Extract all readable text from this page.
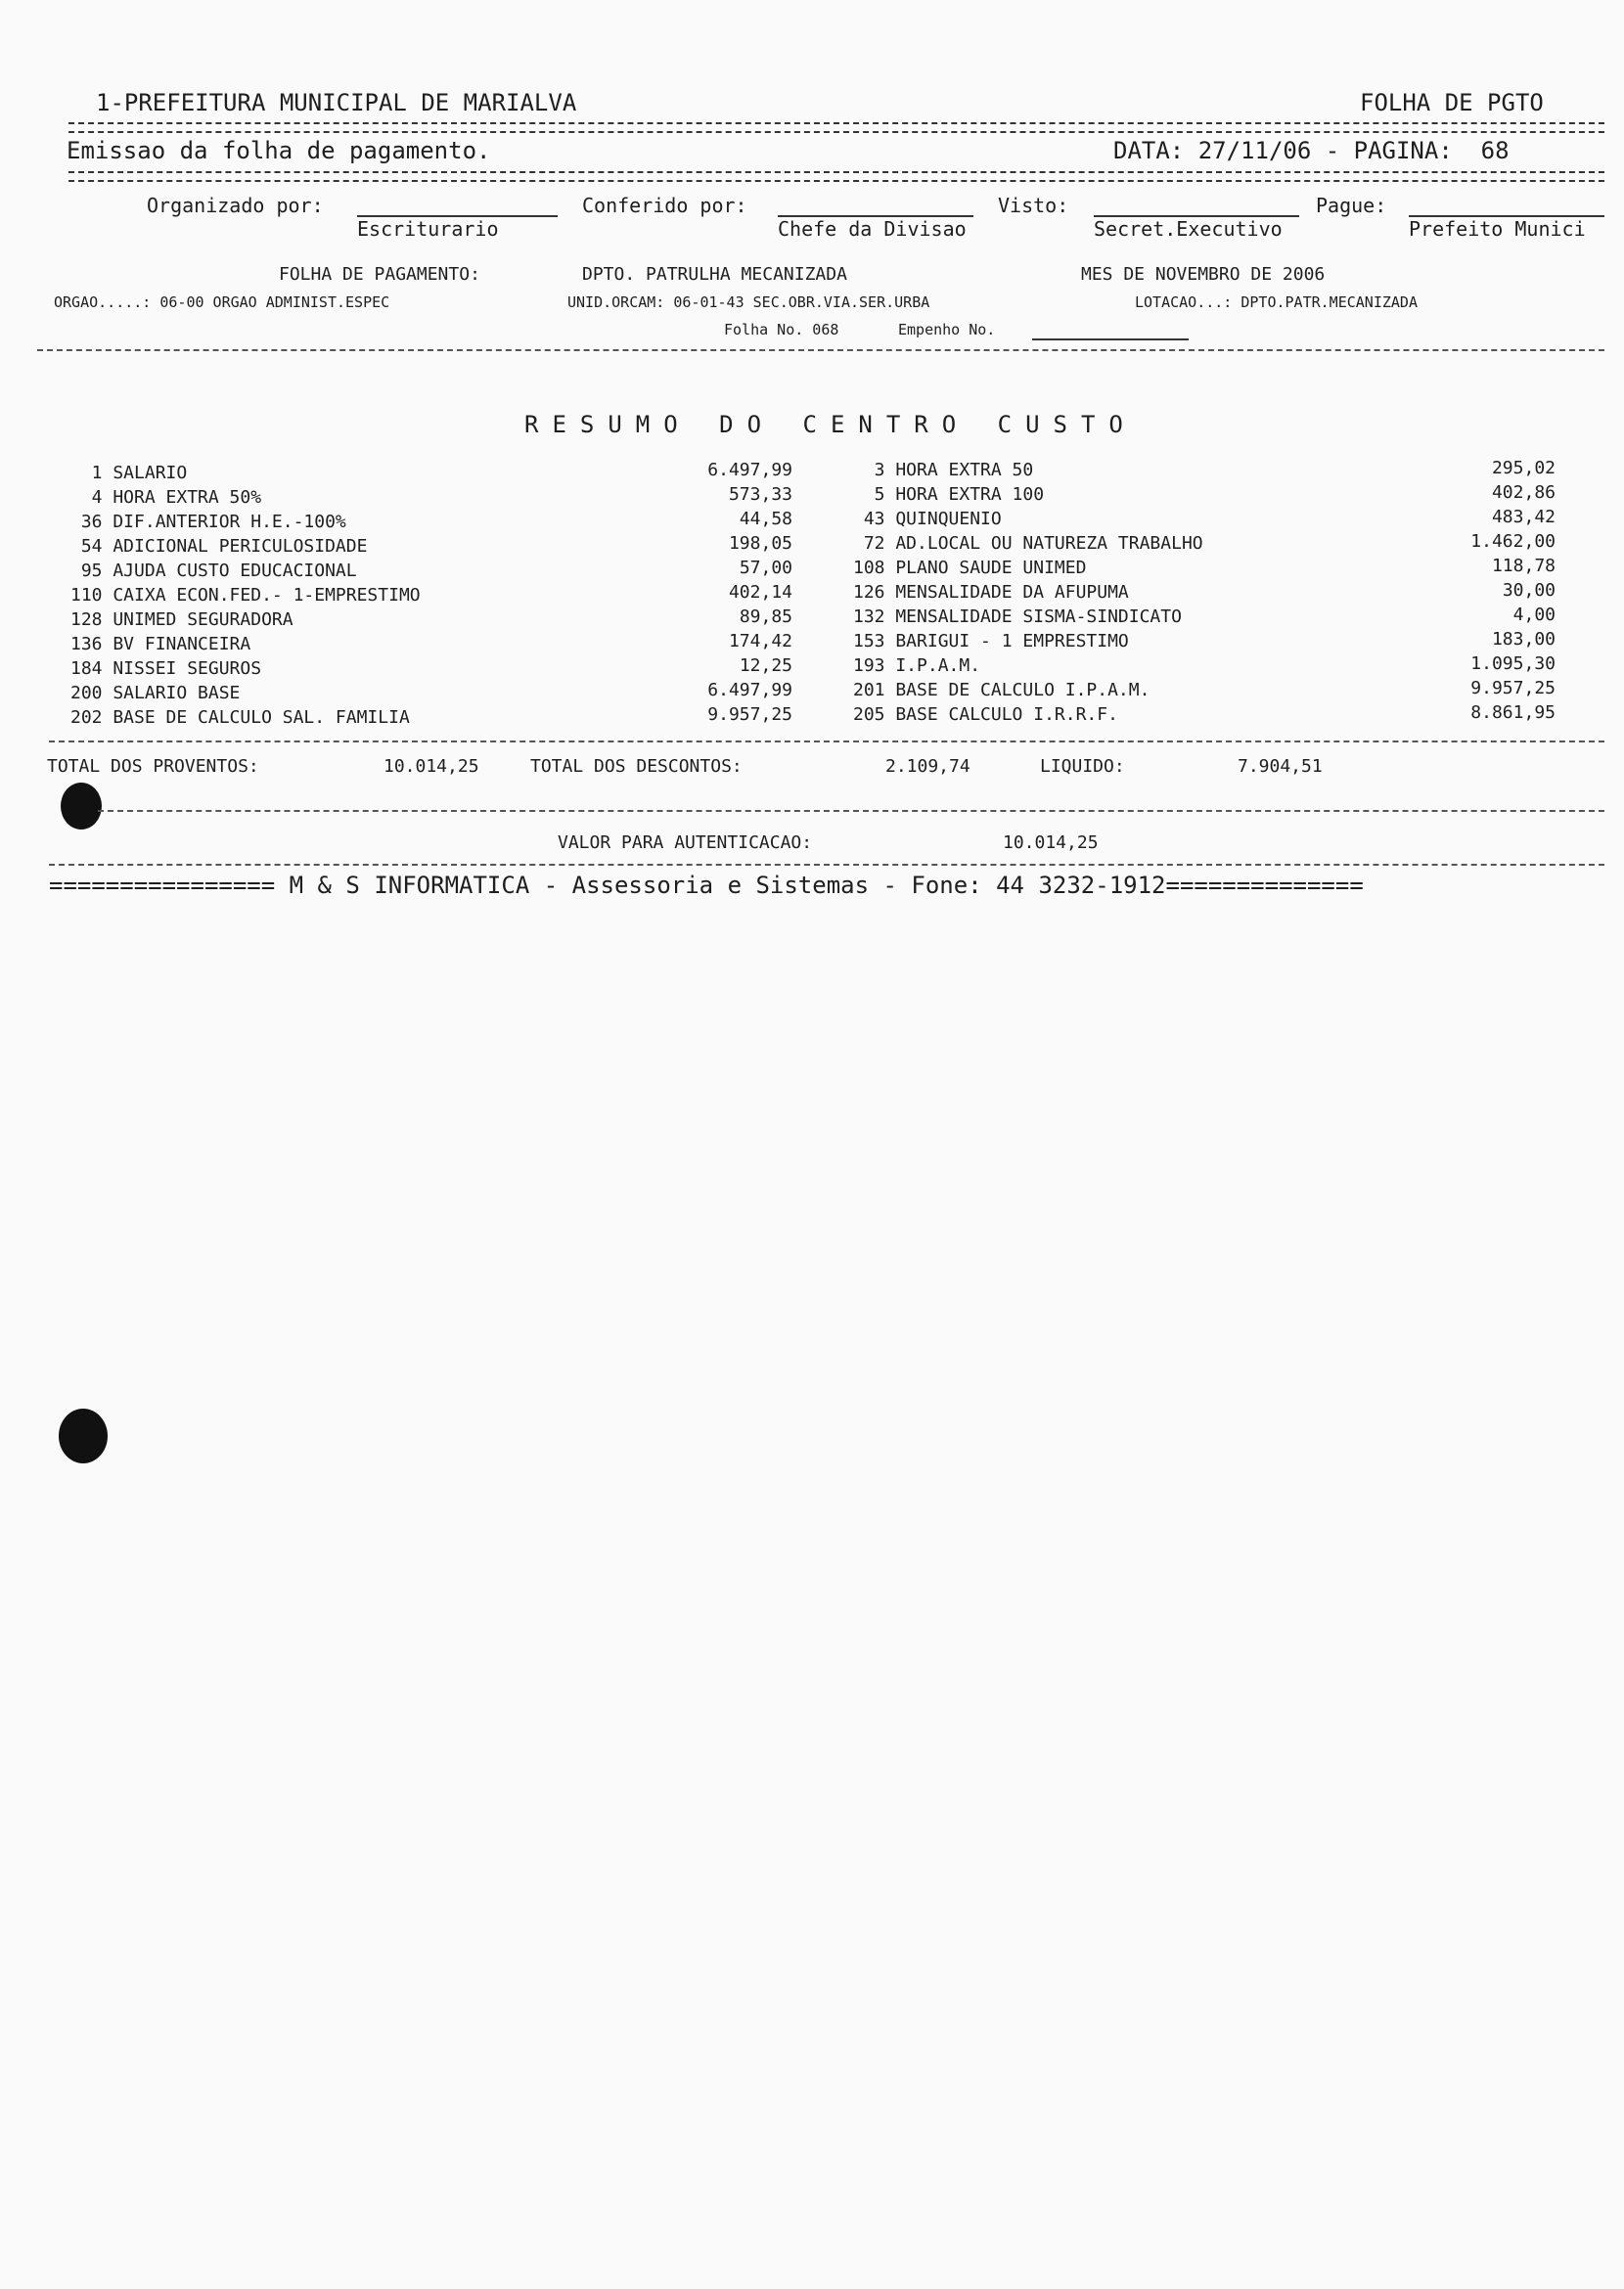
1-PREFEITURA MUNICIPAL DE MARIALVA	FOLHA DE PGTO
Emissao da folha de pagamento.	DATA: 27/11/06 - PAGINA:  68
Organizado por:
Escriturario
Conferido por:
Chefe da Divisao
Visto:
Secret.Executivo
Pague:
Prefeito Munici
FOLHA DE PAGAMENTO:	DPTO. PATRULHA MECANIZADA	MES DE NOVEMBRO DE 2006
ORGAO.....: 06-00 ORGAO ADMINIST.ESPEC	UNID.ORCAM: 06-01-43 SEC.OBR.VIA.SER.URBA	LOTACAO...: DPTO.PATR.MECANIZADA
Folha No. 068	Empenho No.
RESUMO DO CENTRO CUSTO
1 SALARIO	6.497,99
4 HORA EXTRA 50%	573,33
36 DIF.ANTERIOR H.E.-100%	44,58
54 ADICIONAL PERICULOSIDADE	198,05
95 AJUDA CUSTO EDUCACIONAL	57,00
110 CAIXA ECON.FED.- 1-EMPRESTIMO	402,14
128 UNIMED SEGURADORA	89,85
136 BV FINANCEIRA	174,42
184 NISSEI SEGUROS	12,25
200 SALARIO BASE	6.497,99
202 BASE DE CALCULO SAL. FAMILIA	9.957,25
3 HORA EXTRA 50	295,02
5 HORA EXTRA 100	402,86
43 QUINQUENIO	483,42
72 AD.LOCAL OU NATUREZA TRABALHO	1.462,00
108 PLANO SAUDE UNIMED	118,78
126 MENSALIDADE DA AFUPUMA	30,00
132 MENSALIDADE SISMA-SINDICATO	4,00
153 BARIGUI - 1 EMPRESTIMO	183,00
193 I.P.A.M.	1.095,30
201 BASE DE CALCULO I.P.A.M.	9.957,25
205 BASE CALCULO I.R.R.F.	8.861,95
TOTAL DOS PROVENTOS:	10.014,25	TOTAL DOS DESCONTOS:	2.109,74	LIQUIDO:	7.904,51
VALOR PARA AUTENTICACAO:	10.014,25
================ M & S INFORMATICA - Assessoria e Sistemas - Fone: 44 3232-1912==============
